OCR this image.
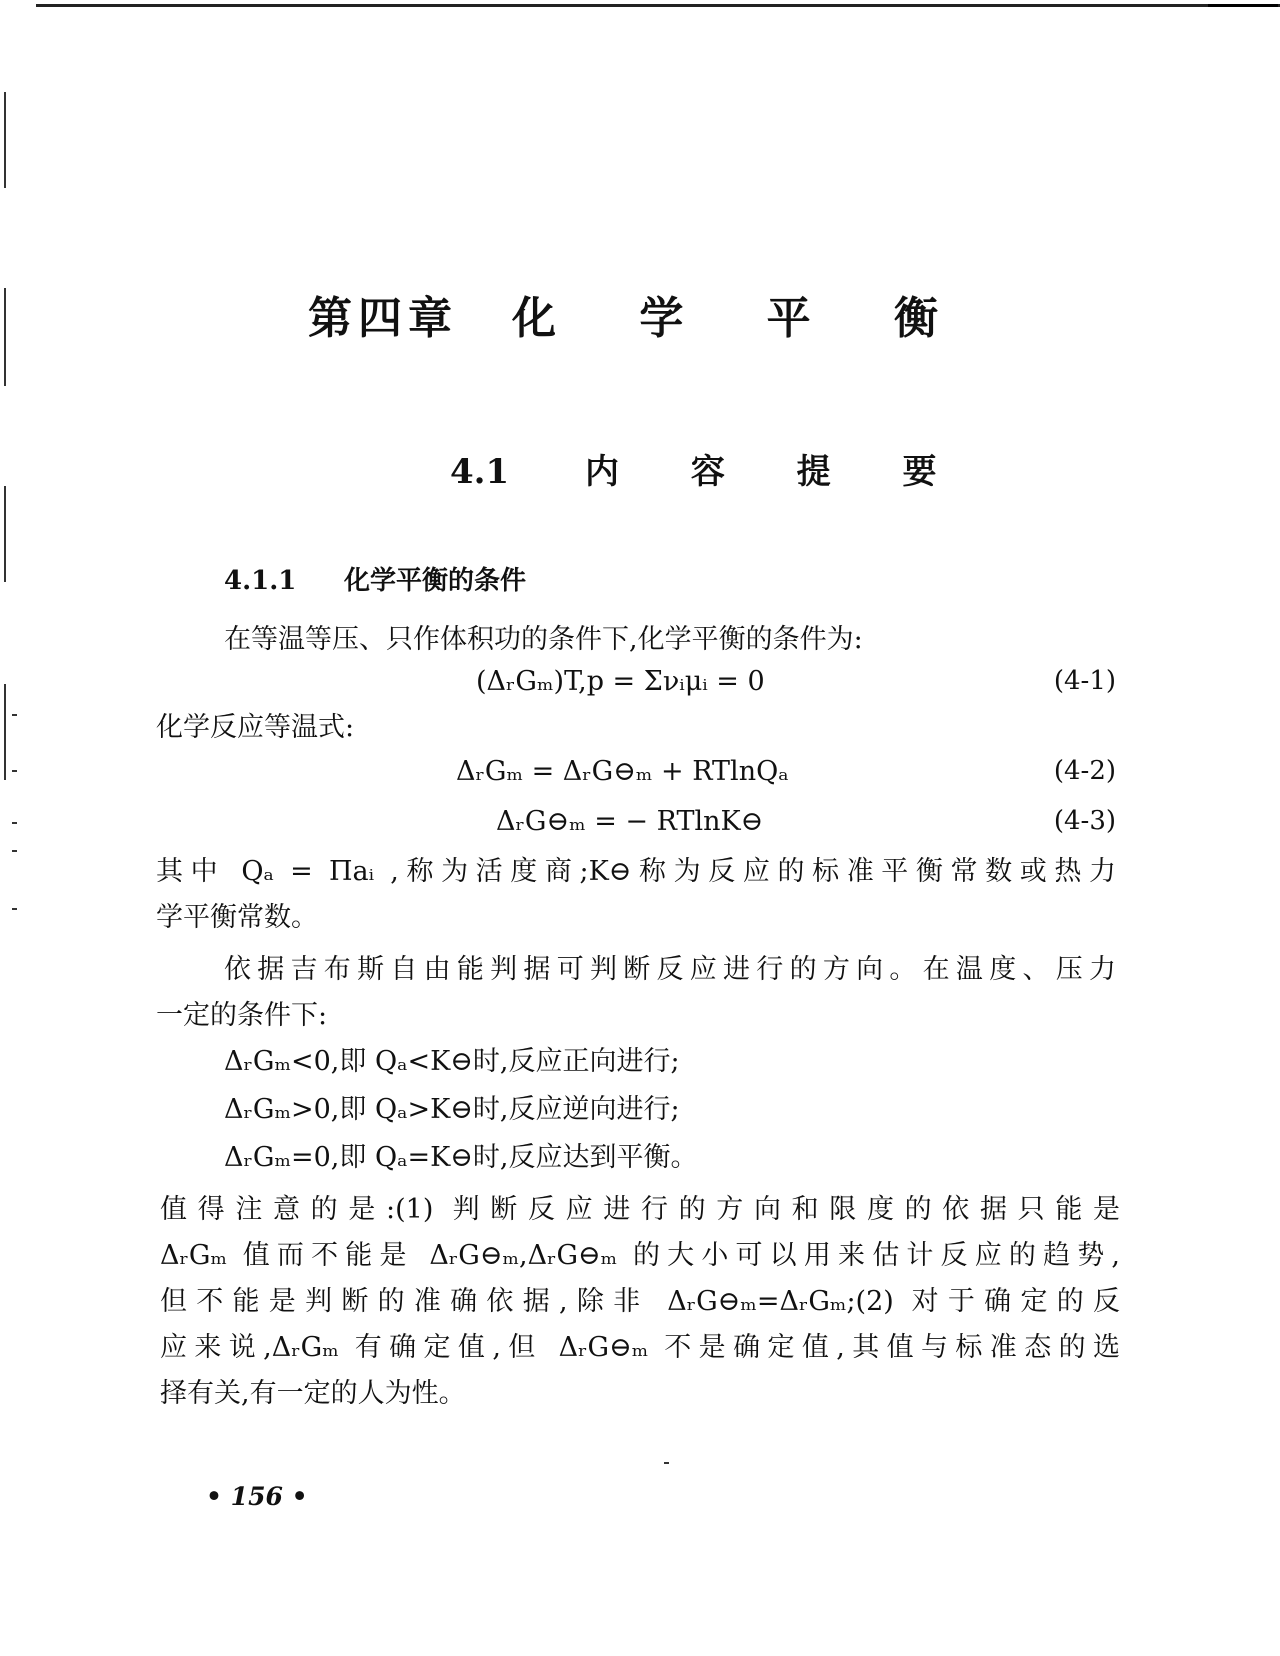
第四章 化 学 平 衡
4.1 内 容 提 要
4.1.1 化学平衡的条件
在等温等压、只作体积功的条件下,化学平衡的条件为:
(ΔᵣGₘ)T,p = Σνᵢμᵢ = 0	(4-1)
化学反应等温式:
ΔᵣGₘ = ΔᵣG⊖ₘ + RTlnQₐ	(4-2)
ΔᵣG⊖ₘ = − RTlnK⊖	(4-3)
其中 Qₐ = Πaᵢ ,称为活度商;K⊖称为反应的标准平衡常数或热力
学平衡常数。
依据吉布斯自由能判据可判断反应进行的方向。在温度、压力
一定的条件下:
ΔᵣGₘ<0,即 Qₐ<K⊖时,反应正向进行;
ΔᵣGₘ>0,即 Qₐ>K⊖时,反应逆向进行;
ΔᵣGₘ=0,即 Qₐ=K⊖时,反应达到平衡。
值得注意的是:(1) 判断反应进行的方向和限度的依据只能是
ΔᵣGₘ 值而不能是 ΔᵣG⊖ₘ,ΔᵣG⊖ₘ 的大小可以用来估计反应的趋势,
但不能是判断的准确依据,除非 ΔᵣG⊖ₘ=ΔᵣGₘ;(2) 对于确定的反
应来说,ΔᵣGₘ 有确定值,但 ΔᵣG⊖ₘ 不是确定值,其值与标准态的选
择有关,有一定的人为性。
• 156 •
